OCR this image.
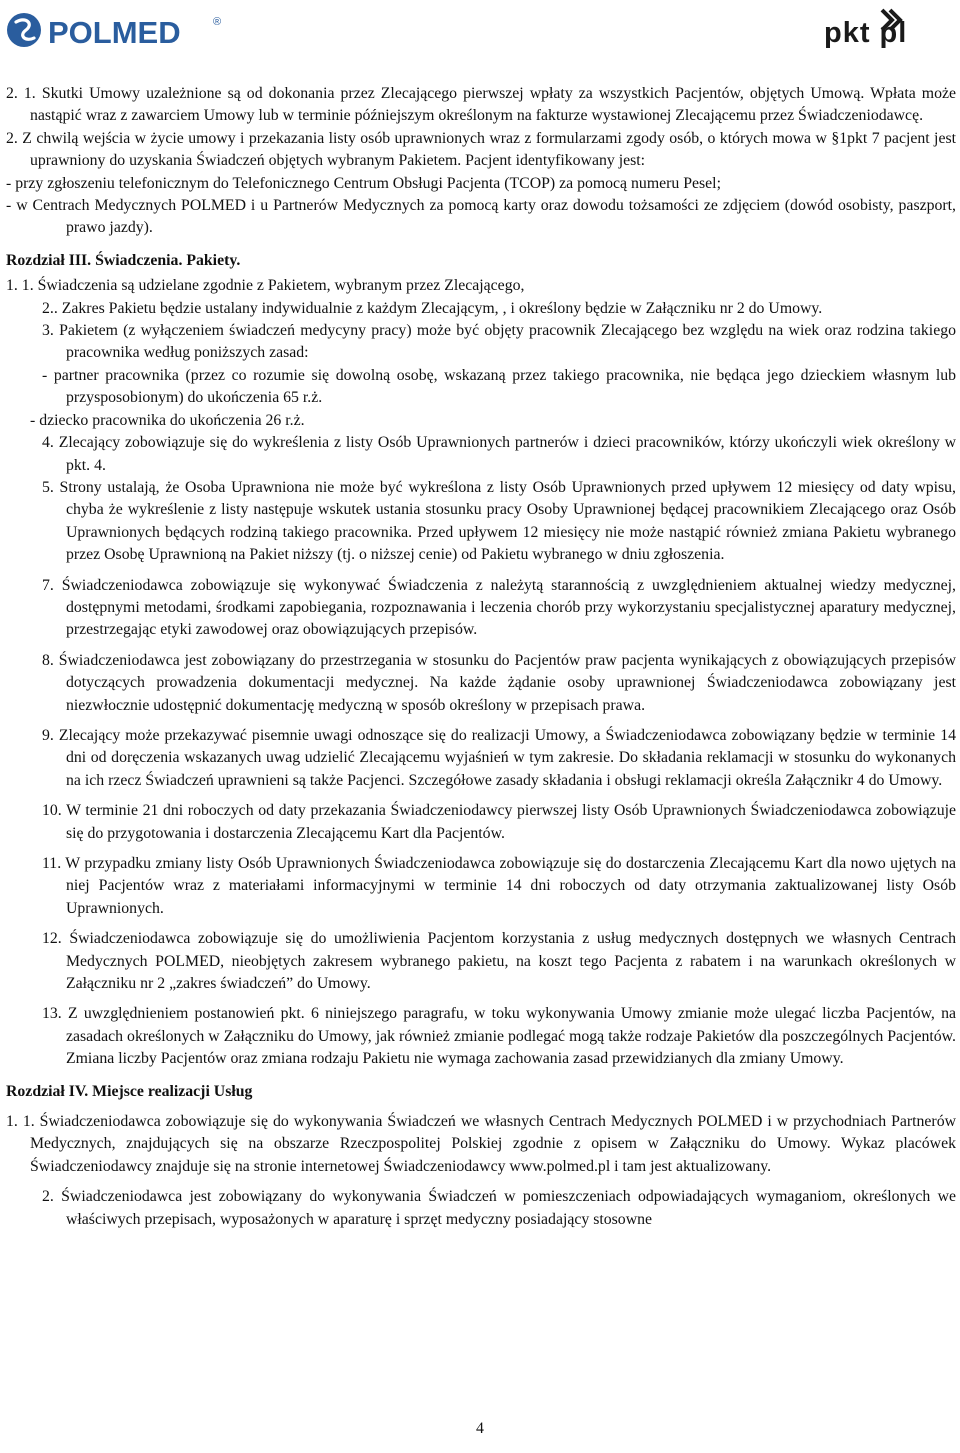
POLMED	®	pkt pl

2. 1. Skutki Umowy uzależnione są od dokonania przez Zlecającego pierwszej wpłaty za wszystkich Pacjentów, objętych Umową. Wpłata może nastąpić wraz z zawarciem Umowy lub w terminie późniejszym określonym na fakturze wystawionej Zlecającemu przez Świadczeniodawcę.

2. Z chwilą wejścia w życie umowy i przekazania listy osób uprawnionych wraz z formularzami zgody osób, o których mowa w §1pkt 7 pacjent jest uprawniony do uzyskania Świadczeń objętych wybranym Pakietem. Pacjent identyfikowany jest:

- przy zgłoszeniu telefonicznym do Telefonicznego Centrum Obsługi Pacjenta (TCOP) za pomocą numeru Pesel;

- w Centrach Medycznych POLMED i u Partnerów Medycznych za pomocą karty oraz dowodu tożsamości ze zdjęciem (dowód osobisty, paszport, prawo jazdy).

Rozdział III. Świadczenia. Pakiety.

1. 1. Świadczenia są udzielane zgodnie z Pakietem, wybranym przez Zlecającego,

2.. Zakres Pakietu będzie ustalany indywidualnie z każdym Zlecającym, , i określony będzie w Załączniku nr 2 do Umowy.

3. Pakietem (z wyłączeniem świadczeń medycyny pracy) może być objęty pracownik Zlecającego bez względu na wiek oraz rodzina takiego pracownika według poniższych zasad:

- partner pracownika (przez co rozumie się dowolną osobę, wskazaną przez takiego pracownika, nie będąca jego dzieckiem własnym lub przysposobionym) do ukończenia 65 r.ż.

- dziecko pracownika do ukończenia 26 r.ż.

4. Zlecający zobowiązuje się do wykreślenia z listy Osób Uprawnionych partnerów i dzieci pracowników, którzy ukończyli wiek określony w pkt. 4.

5. Strony ustalają, że Osoba Uprawniona nie może być wykreślona z listy Osób Uprawnionych przed upływem 12 miesięcy od daty wpisu, chyba że wykreślenie z listy następuje wskutek ustania stosunku pracy Osoby Uprawnionej będącej pracownikiem Zlecającego oraz Osób Uprawnionych będących rodziną takiego pracownika. Przed upływem 12 miesięcy nie może nastąpić również zmiana Pakietu wybranego przez Osobę Uprawnioną na Pakiet niższy (tj. o niższej cenie) od Pakietu wybranego w dniu zgłoszenia.

7. Świadczeniodawca zobowiązuje się wykonywać Świadczenia z należytą starannością z uwzględnieniem aktualnej wiedzy medycznej, dostępnymi metodami, środkami zapobiegania, rozpoznawania i leczenia chorób przy wykorzystaniu specjalistycznej aparatury medycznej, przestrzegając etyki zawodowej oraz obowiązujących przepisów.

8. Świadczeniodawca jest zobowiązany do przestrzegania w stosunku do Pacjentów praw pacjenta wynikających z obowiązujących przepisów dotyczących prowadzenia dokumentacji medycznej. Na każde żądanie osoby uprawnionej Świadczeniodawca zobowiązany jest niezwłocznie udostępnić dokumentację medyczną w sposób określony w przepisach prawa.

9. Zlecający może przekazywać pisemnie uwagi odnoszące się do realizacji Umowy, a Świadczeniodawca zobowiązany będzie w terminie 14 dni od doręczenia wskazanych uwag udzielić Zlecającemu wyjaśnień w tym zakresie. Do składania reklamacji w stosunku do wykonanych na ich rzecz Świadczeń uprawnieni są także Pacjenci. Szczegółowe zasady składania i obsługi reklamacji określa Załącznikr 4 do Umowy.

10. W terminie 21 dni roboczych od daty przekazania Świadczeniodawcy pierwszej listy Osób Uprawnionych Świadczeniodawca zobowiązuje się do przygotowania i dostarczenia Zlecającemu Kart dla Pacjentów.

11. W przypadku zmiany listy Osób Uprawnionych Świadczeniodawca zobowiązuje się do dostarczenia Zlecającemu Kart dla nowo ujętych na niej Pacjentów wraz z materiałami informacyjnymi w terminie 14 dni roboczych od daty otrzymania zaktualizowanej listy Osób Uprawnionych.

12. Świadczeniodawca zobowiązuje się do umożliwienia Pacjentom korzystania z usług medycznych dostępnych we własnych Centrach Medycznych POLMED, nieobjętych zakresem wybranego pakietu, na koszt tego Pacjenta z rabatem i na warunkach określonych w Załączniku nr 2 „zakres świadczeń” do Umowy.

13. Z uwzględnieniem postanowień pkt. 6 niniejszego paragrafu, w toku wykonywania Umowy zmianie może ulegać liczba Pacjentów, na zasadach określonych w Załączniku do Umowy, jak również zmianie podlegać mogą także rodzaje Pakietów dla poszczególnych Pacjentów. Zmiana liczby Pacjentów oraz zmiana rodzaju Pakietu nie wymaga zachowania zasad przewidzianych dla zmiany Umowy.

Rozdział IV. Miejsce realizacji Usług

1. 1. Świadczeniodawca zobowiązuje się do wykonywania Świadczeń we własnych Centrach Medycznych POLMED i w przychodniach Partnerów Medycznych, znajdujących się na obszarze Rzeczpospolitej Polskiej zgodnie z opisem w Załączniku do Umowy. Wykaz placówek Świadczeniodawcy znajduje się na stronie internetowej Świadczeniodawcy www.polmed.pl i tam jest aktualizowany.

2. Świadczeniodawca jest zobowiązany do wykonywania Świadczeń w pomieszczeniach odpowiadających wymaganiom, określonych we właściwych przepisach, wyposażonych w aparaturę i sprzęt medyczny posiadający stosowne

4
